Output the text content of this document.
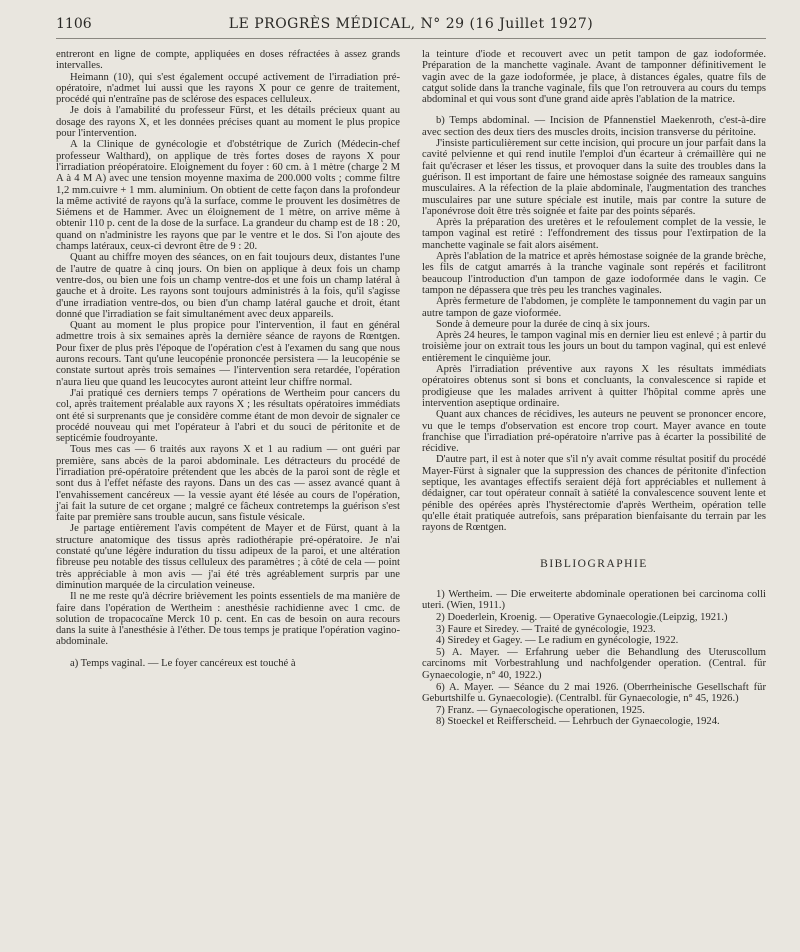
1106	LE PROGRÈS MÉDICAL, N° 29 (16 Juillet 1927)

entreront en ligne de compte, appliquées en doses réfractées à assez grands intervalles.

Heimann (10), qui s'est également occupé activement de l'irradiation pré-opératoire, n'admet lui aussi que les rayons X pour ce genre de traitement, procédé qui n'entraîne pas de sclérose des espaces celluleux.

Je dois à l'amabilité du professeur Fürst, et les détails précieux quant au dosage des rayons X, et les données précises quant au moment le plus propice pour l'intervention.

A la Clinique de gynécologie et d'obstétrique de Zurich (Médecin-chef professeur Walthard), on applique de très fortes doses de rayons X pour l'irradiation préopératoire. Eloignement du foyer : 60 cm. à 1 mètre (charge 2 M A à 4 M A) avec une tension moyenne maxima de 200.000 volts ; comme filtre 1,2 mm.cuivre + 1 mm. aluminium. On obtient de cette façon dans la profondeur la même activité de rayons qu'à la surface, comme le prouvent les dosimètres de Siémens et de Hammer. Avec un éloignement de 1 mètre, on arrive même à obtenir 110 p. cent de la dose de la surface. La grandeur du champ est de 18 : 20, quand on n'administre les rayons que par le ventre et le dos. Si l'on ajoute des champs latéraux, ceux-ci devront être de 9 : 20.

Quant au chiffre moyen des séances, on en fait toujours deux, distantes l'une de l'autre de quatre à cinq jours. On bien on applique à deux fois un champ ventre-dos, ou bien une fois un champ ventre-dos et une fois un champ latéral à gauche et à droite. Les rayons sont toujours administrés à la fois, qu'il s'agisse d'une irradiation ventre-dos, ou bien d'un champ latéral gauche et droit, étant donné que l'irradiation se fait simultanément avec deux appareils.

Quant au moment le plus propice pour l'intervention, il faut en général admettre trois à six semaines après la dernière séance de rayons de Rœntgen. Pour fixer de plus près l'époque de l'opération c'est à l'examen du sang que nous aurons recours. Tant qu'une leucopénie prononcée persistera — la leucopénie se constate surtout après trois semaines — l'intervention sera retardée, l'opération n'aura lieu que quand les leucocytes auront atteint leur chiffre normal.

J'ai pratiqué ces derniers temps 7 opérations de Wertheim pour cancers du col, après traitement préalable aux rayons X ; les résultats opératoires immédiats ont été si surprenants que je considère comme étant de mon devoir de signaler ce procédé nouveau qui met l'opérateur à l'abri et du souci de péritonite et de septicémie foudroyante.

Tous mes cas — 6 traités aux rayons X et 1 au radium — ont guéri par première, sans abcès de la paroi abdominale. Les détracteurs du procédé de l'irradiation pré-opératoire prétendent que les abcès de la paroi sont de règle et sont dus à l'effet néfaste des rayons. Dans un des cas — assez avancé quant à l'envahissement cancéreux — la vessie ayant été lésée au cours de l'opération, j'ai fait la suture de cet organe ; malgré ce fâcheux contretemps la guérison s'est faite par première sans trouble aucun, sans fistule vésicale.

Je partage entièrement l'avis compétent de Mayer et de Fürst, quant à la structure anatomique des tissus après radiothérapie pré-opératoire. Je n'ai constaté qu'une légère induration du tissu adipeux de la paroi, et une altération fibreuse peu notable des tissus celluleux des paramètres ; à côté de cela — point très appréciable à mon avis — j'ai été très agréablement surpris par une diminution marquée de la circulation veineuse.

Il ne me reste qu'à décrire brièvement les points essentiels de ma manière de faire dans l'opération de Wertheim : anesthésie rachidienne avec 1 cmc. de solution de tropacocaïne Merck 10 p. cent. En cas de besoin on aura recours dans la suite à l'anesthésie à l'éther. De tous temps je pratique l'opération vagino-abdominale.

a) Temps vaginal. — Le foyer cancéreux est touché à

la teinture d'iode et recouvert avec un petit tampon de gaz iodoformée. Préparation de la manchette vaginale. Avant de tamponner définitivement le vagin avec de la gaze iodoformée, je place, à distances égales, quatre fils de catgut solide dans la tranche vaginale, fils que l'on retrouvera au cours du temps abdominal et qui vous sont d'une grand aide après l'ablation de la matrice.

b) Temps abdominal. — Incision de Pfannenstiel Maekenroth, c'est-à-dire avec section des deux tiers des muscles droits, incision transverse du péritoine.

J'insiste particulièrement sur cette incision, qui procure un jour parfait dans la cavité pelvienne et qui rend inutile l'emploi d'un écarteur à crémaillère qui ne fait qu'écraser et léser les tissus, et provoquer dans la suite des troubles dans la guérison. Il est important de faire une hémostase soignée des rameaux sanguins musculaires. A la réfection de la plaie abdominale, l'augmentation des tranches musculaires par une suture spéciale est inutile, mais par contre la suture de l'aponévrose doit être très soignée et faite par des points séparés.

Après la préparation des uretères et le refoulement complet de la vessie, le tampon vaginal est retiré : l'effondrement des tissus pour l'extirpation de la manchette vaginale se fait alors aisément.

Après l'ablation de la matrice et après hémostase soignée de la grande brèche, les fils de catgut amarrés à la tranche vaginale sont repérés et facilitront beaucoup l'introduction d'un tampon de gaze iodoformée dans le vagin. Ce tampon ne dépassera que très peu les tranches vaginales.

Après fermeture de l'abdomen, je complète le tamponnement du vagin par un autre tampon de gaze vioformée.

Sonde à demeure pour la durée de cinq à six jours.

Après 24 heures, le tampon vaginal mis en dernier lieu est enlevé ; à partir du troisième jour on extrait tous les jours un bout du tampon vaginal, qui est enlevé entièrement le cinquième jour.

Après l'irradiation préventive aux rayons X les résultats immédiats opératoires obtenus sont si bons et concluants, la convalescence si rapide et prodigieuse que les malades arrivent à quitter l'hôpital comme après une intervention aseptique ordinaire.

Quant aux chances de récidives, les auteurs ne peuvent se prononcer encore, vu que le temps d'observation est encore trop court. Mayer avance en toute franchise que l'irradiation pré-opératoire n'arrive pas à écarter la possibilité de récidive.

D'autre part, il est à noter que s'il n'y avait comme résultat positif du procédé Mayer-Fürst à signaler que la suppression des chances de péritonite d'infection septique, les avantages effectifs seraient déjà fort appréciables et nullement à dédaigner, car tout opérateur connaît à satiété la convalescence souvent lente et pénible des opérées après l'hystérectomie d'après Wertheim, opération telle qu'elle était pratiquée autrefois, sans préparation bienfaisante du terrain par les rayons de Rœntgen.

BIBLIOGRAPHIE

1) Wertheim. — Die erweiterte abdominale operationen bei carcinoma colli uteri. (Wien, 1911.)

2) Doederlein, Kroenig. — Operative Gynaecologie.(Leipzig, 1921.)

3) Faure et Siredey. — Traité de gynécologie, 1923.

4) Siredey et Gagey. — Le radium en gynécologie, 1922.

5) A. Mayer. — Erfahrung ueber die Behandlung des Uteruscollum carcinoms mit Vorbestrahlung und nachfolgender operation. (Central. für Gynaecologie, n° 40, 1922.)

6) A. Mayer. — Séance du 2 mai 1926. (Oberrheinische Gesellschaft für Geburtshilfe u. Gynaecologie). (Centralbl. für Gynaecologie, n° 45, 1926.)

7) Franz. — Gynaecologische operationen, 1925.

8) Stoeckel et Reifferscheid. — Lehrbuch der Gynaecologie, 1924.
